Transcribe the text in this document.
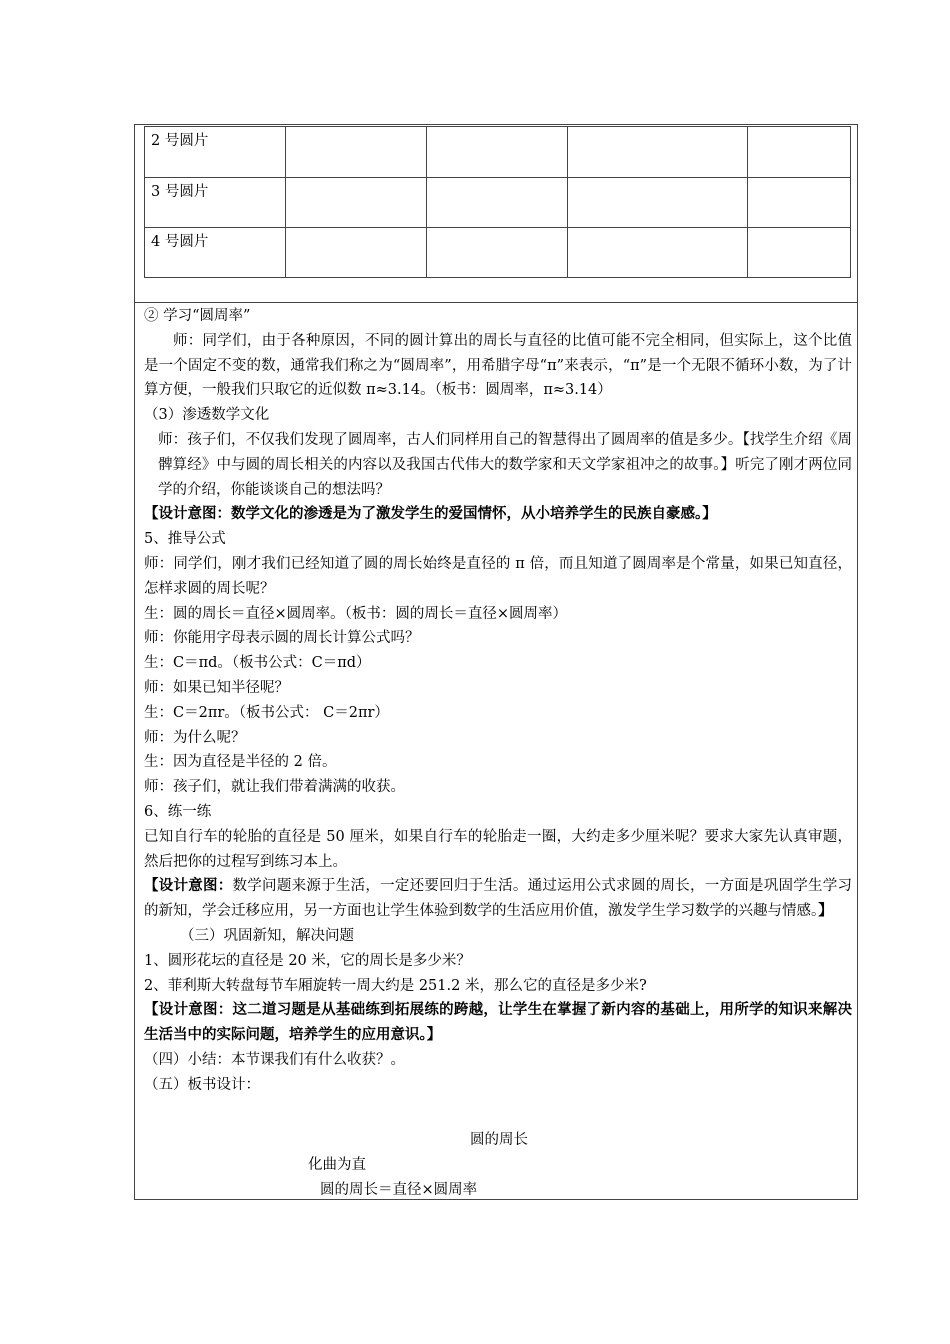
2 号圆片				
3 号圆片				
4 号圆片				

② 学习“圆周率”

师：同学们，由于各种原因，不同的圆计算出的周长与直径的比值可能不完全相同，但实际上，这个比值是一个固定不变的数，通常我们称之为“圆周率”，用希腊字母“π”来表示，“π”是一个无限不循环小数，为了计算方便，一般我们只取它的近似数 π≈3.14。（板书：圆周率，π≈3.14）

（3）渗透数学文化

师：孩子们，不仅我们发现了圆周率，古人们同样用自己的智慧得出了圆周率的值是多少。【找学生介绍《周髀算经》中与圆的周长相关的内容以及我国古代伟大的数学家和天文学家祖冲之的故事。】听完了刚才两位同学的介绍，你能谈谈自己的想法吗？

【设计意图：数学文化的渗透是为了激发学生的爱国情怀，从小培养学生的民族自豪感。】

5、推导公式

师：同学们，刚才我们已经知道了圆的周长始终是直径的 π 倍，而且知道了圆周率是个常量，如果已知直径，怎样求圆的周长呢？

生：圆的周长＝直径×圆周率。（板书：圆的周长＝直径×圆周率）

师：你能用字母表示圆的周长计算公式吗？

生：C＝πd。（板书公式：C＝πd）

师：如果已知半径呢？

生：C＝2πr。（板书公式： C＝2πr）

师：为什么呢？

生：因为直径是半径的 2 倍。

师：孩子们，就让我们带着满满的收获。

6、练一练

已知自行车的轮胎的直径是 50 厘米，如果自行车的轮胎走一圈，大约走多少厘米呢？要求大家先认真审题，然后把你的过程写到练习本上。

【设计意图：数学问题来源于生活，一定还要回归于生活。通过运用公式求圆的周长，一方面是巩固学生学习的新知，学会迁移应用，另一方面也让学生体验到数学的生活应用价值，激发学生学习数学的兴趣与情感。】

（三）巩固新知，解决问题

1、圆形花坛的直径是 20 米，它的周长是多少米？

2、菲利斯大转盘每节车厢旋转一周大约是 251.2 米，那么它的直径是多少米?

【设计意图：这二道习题是从基础练到拓展练的跨越，让学生在掌握了新内容的基础上，用所学的知识来解决生活当中的实际问题，培养学生的应用意识。】

（四）小结：本节课我们有什么收获？。

（五）板书设计：

圆的周长
化曲为直
圆的周长＝直径×圆周率
